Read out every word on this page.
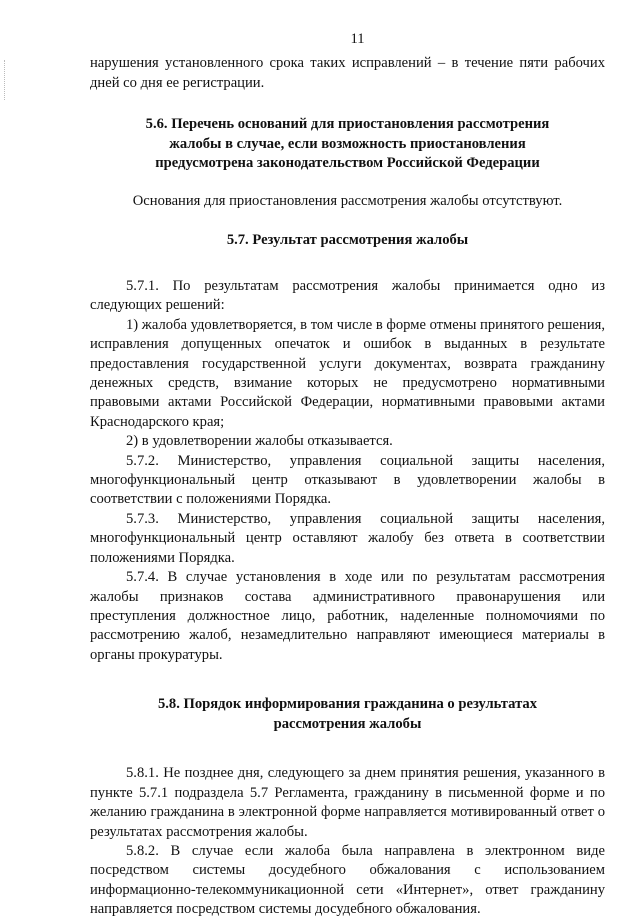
11

нарушения установленного срока таких исправлений – в течение пяти рабочих дней со дня ее регистрации.

5.6. Перечень оснований для приостановления рассмотрения жалобы в случае, если возможность приостановления предусмотрена законодательством Российской Федерации

Основания для приостановления рассмотрения жалобы отсутствуют.

5.7. Результат рассмотрения жалобы

5.7.1. По результатам рассмотрения жалобы принимается одно из следующих решений:

1) жалоба удовлетворяется, в том числе в форме отмены принятого решения, исправления допущенных опечаток и ошибок в выданных в результате предоставления государственной услуги документах, возврата гражданину денежных средств, взимание которых не предусмотрено нормативными правовыми актами Российской Федерации, нормативными правовыми актами Краснодарского края;

2) в удовлетворении жалобы отказывается.

5.7.2. Министерство, управления социальной защиты населения, многофункциональный центр отказывают в удовлетворении жалобы в соответствии с положениями Порядка.

5.7.3. Министерство, управления социальной защиты населения, многофункциональный центр оставляют жалобу без ответа в соответствии положениями Порядка.

5.7.4. В случае установления в ходе или по результатам рассмотрения жалобы признаков состава административного правонарушения или преступления должностное лицо, работник, наделенные полномочиями по рассмотрению жалоб, незамедлительно направляют имеющиеся материалы в органы прокуратуры.

5.8. Порядок информирования гражданина о результатах рассмотрения жалобы

5.8.1. Не позднее дня, следующего за днем принятия решения, указанного в пункте 5.7.1 подраздела 5.7 Регламента, гражданину в письменной форме и по желанию гражданина в электронной форме направляется мотивированный ответ о результатах рассмотрения жалобы.

5.8.2. В случае если жалоба была направлена в электронном виде посредством системы досудебного обжалования с использованием информационно-телекоммуникационной сети «Интернет», ответ гражданину направляется посредством системы досудебного обжалования.
